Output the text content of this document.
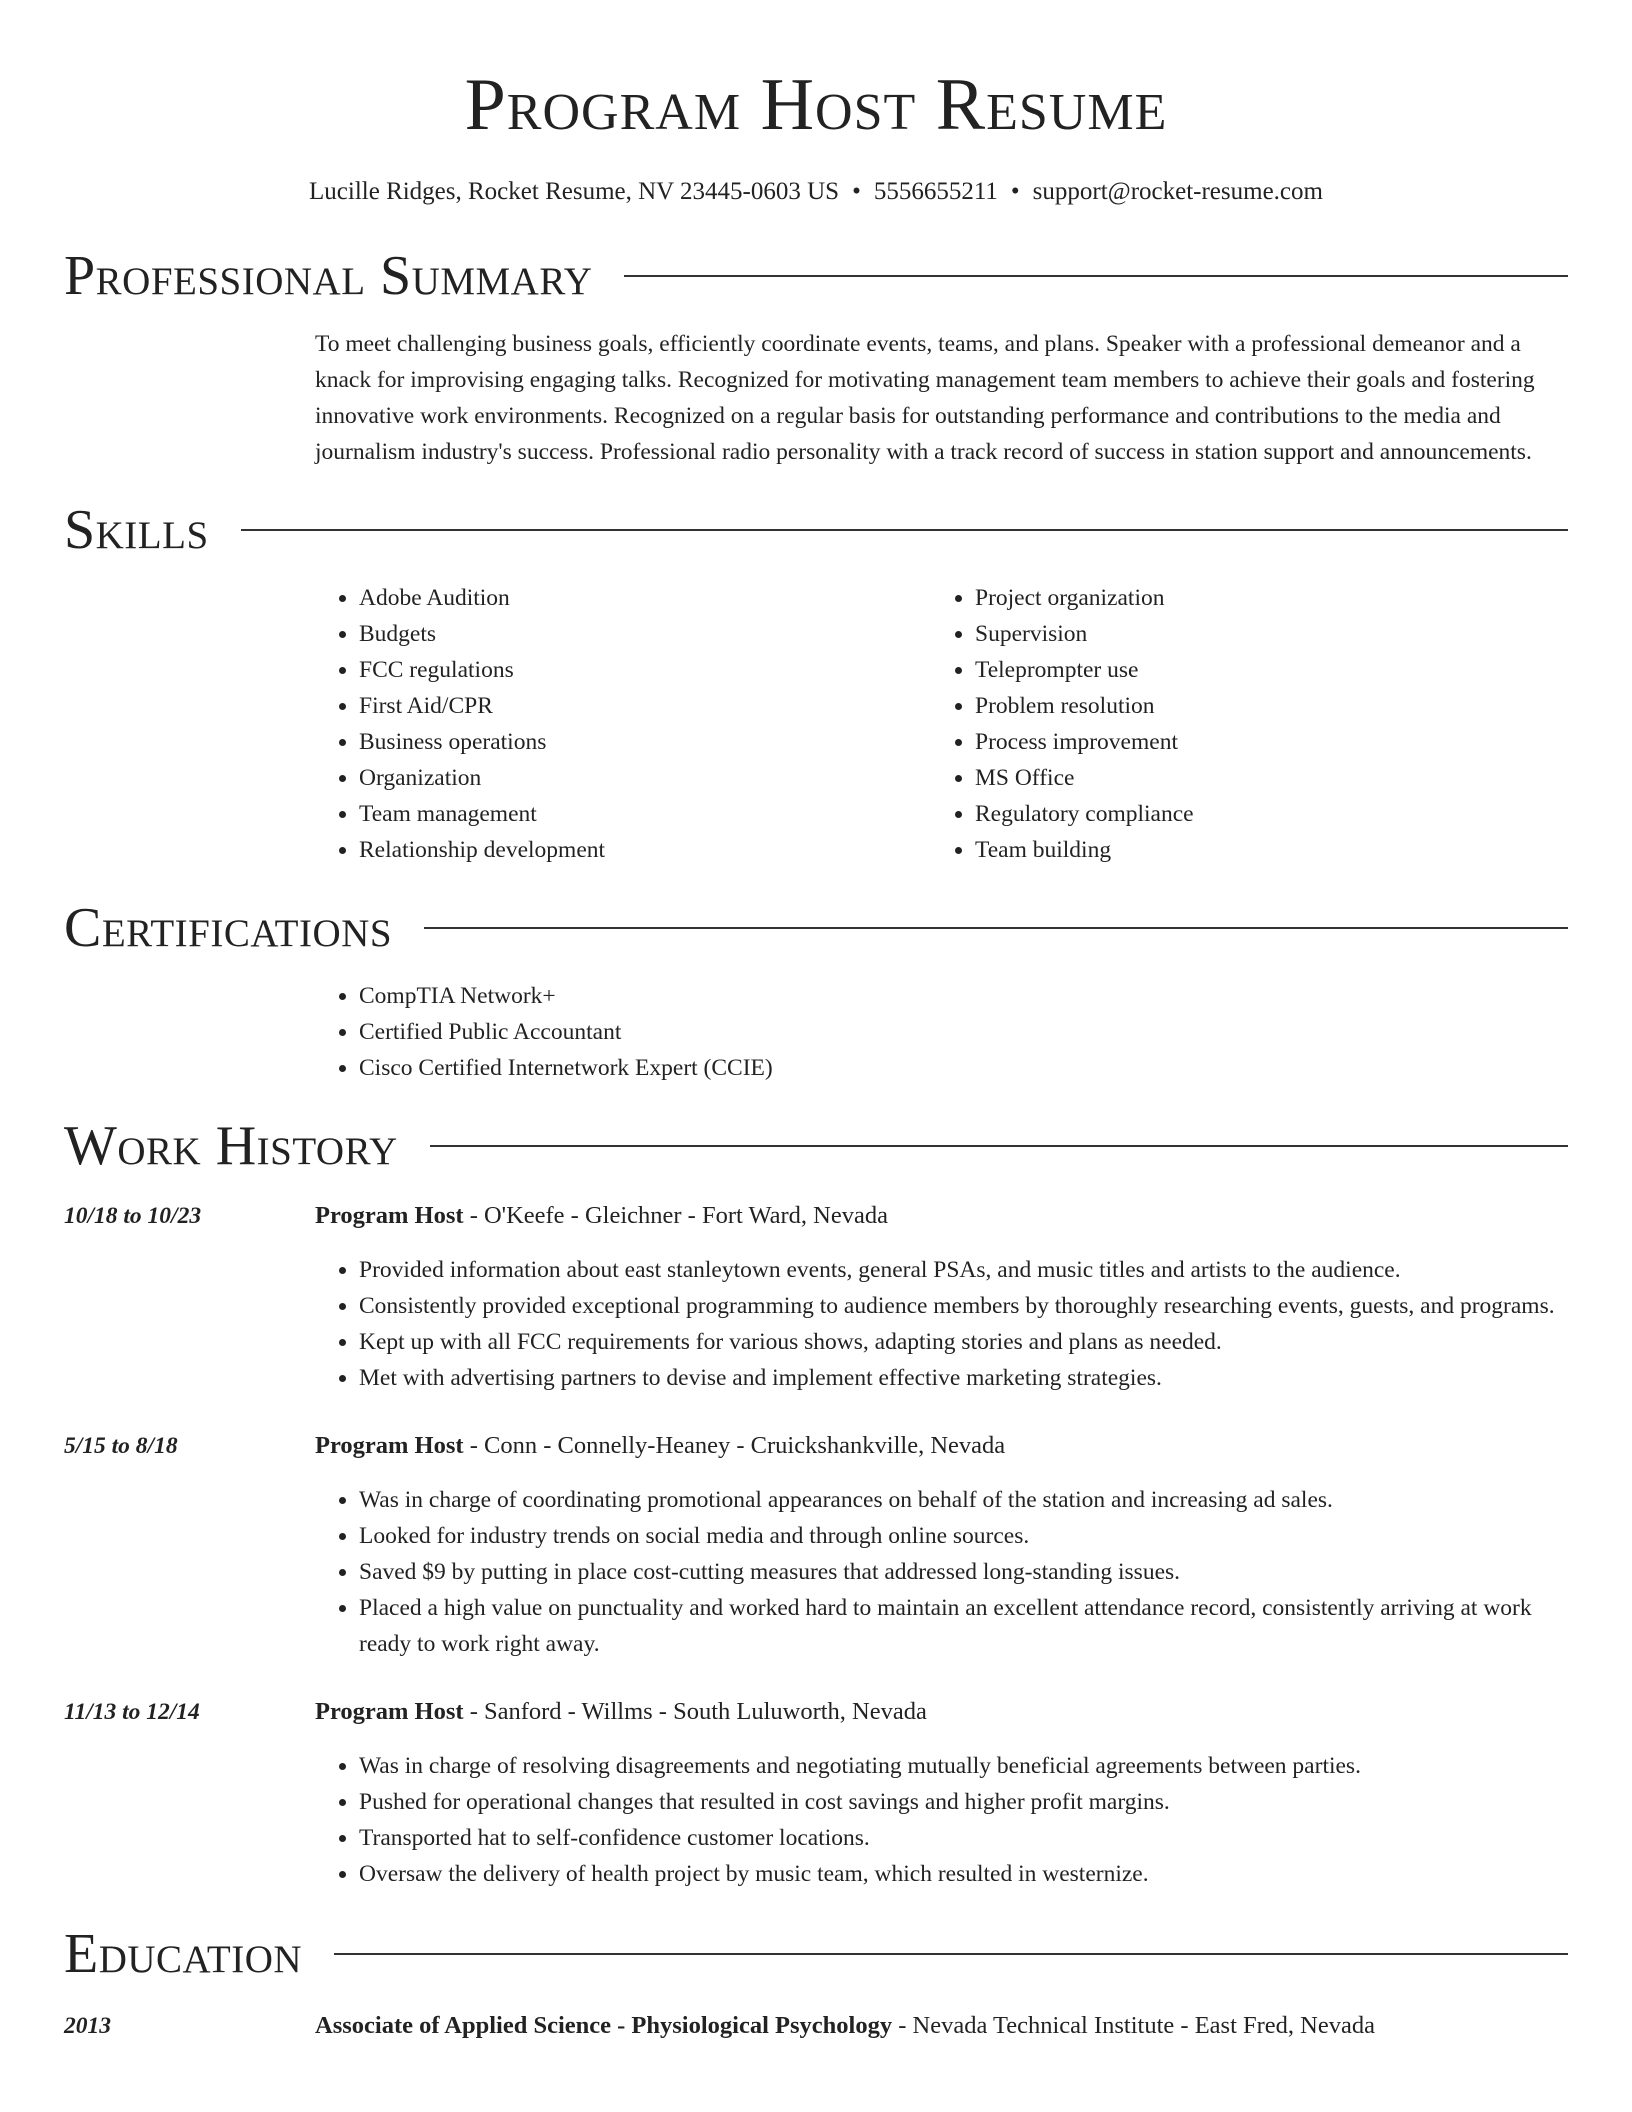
Program Host Resume
Lucille Ridges, Rocket Resume, NV 23445-0603 US • 5556655211 • support@rocket-resume.com
Professional Summary
To meet challenging business goals, efficiently coordinate events, teams, and plans. Speaker with a professional demeanor and a knack for improvising engaging talks. Recognized for motivating management team members to achieve their goals and fostering innovative work environments. Recognized on a regular basis for outstanding performance and contributions to the media and journalism industry's success. Professional radio personality with a track record of success in station support and announcements.
Skills
• Adobe Audition
• Budgets
• FCC regulations
• First Aid/CPR
• Business operations
• Organization
• Team management
• Relationship development
• Project organization
• Supervision
• Teleprompter use
• Problem resolution
• Process improvement
• MS Office
• Regulatory compliance
• Team building
Certifications
• CompTIA Network+
• Certified Public Accountant
• Cisco Certified Internetwork Expert (CCIE)
Work History
10/18 to 10/23	Program Host - O'Keefe - Gleichner - Fort Ward, Nevada
• Provided information about east stanleytown events, general PSAs, and music titles and artists to the audience.
• Consistently provided exceptional programming to audience members by thoroughly researching events, guests, and programs.
• Kept up with all FCC requirements for various shows, adapting stories and plans as needed.
• Met with advertising partners to devise and implement effective marketing strategies.
5/15 to 8/18	Program Host - Conn - Connelly-Heaney - Cruickshankville, Nevada
• Was in charge of coordinating promotional appearances on behalf of the station and increasing ad sales.
• Looked for industry trends on social media and through online sources.
• Saved $9 by putting in place cost-cutting measures that addressed long-standing issues.
• Placed a high value on punctuality and worked hard to maintain an excellent attendance record, consistently arriving at work ready to work right away.
11/13 to 12/14	Program Host - Sanford - Willms - South Luluworth, Nevada
• Was in charge of resolving disagreements and negotiating mutually beneficial agreements between parties.
• Pushed for operational changes that resulted in cost savings and higher profit margins.
• Transported hat to self-confidence customer locations.
• Oversaw the delivery of health project by music team, which resulted in westernize.
Education
2013	Associate of Applied Science - Physiological Psychology - Nevada Technical Institute - East Fred, Nevada
